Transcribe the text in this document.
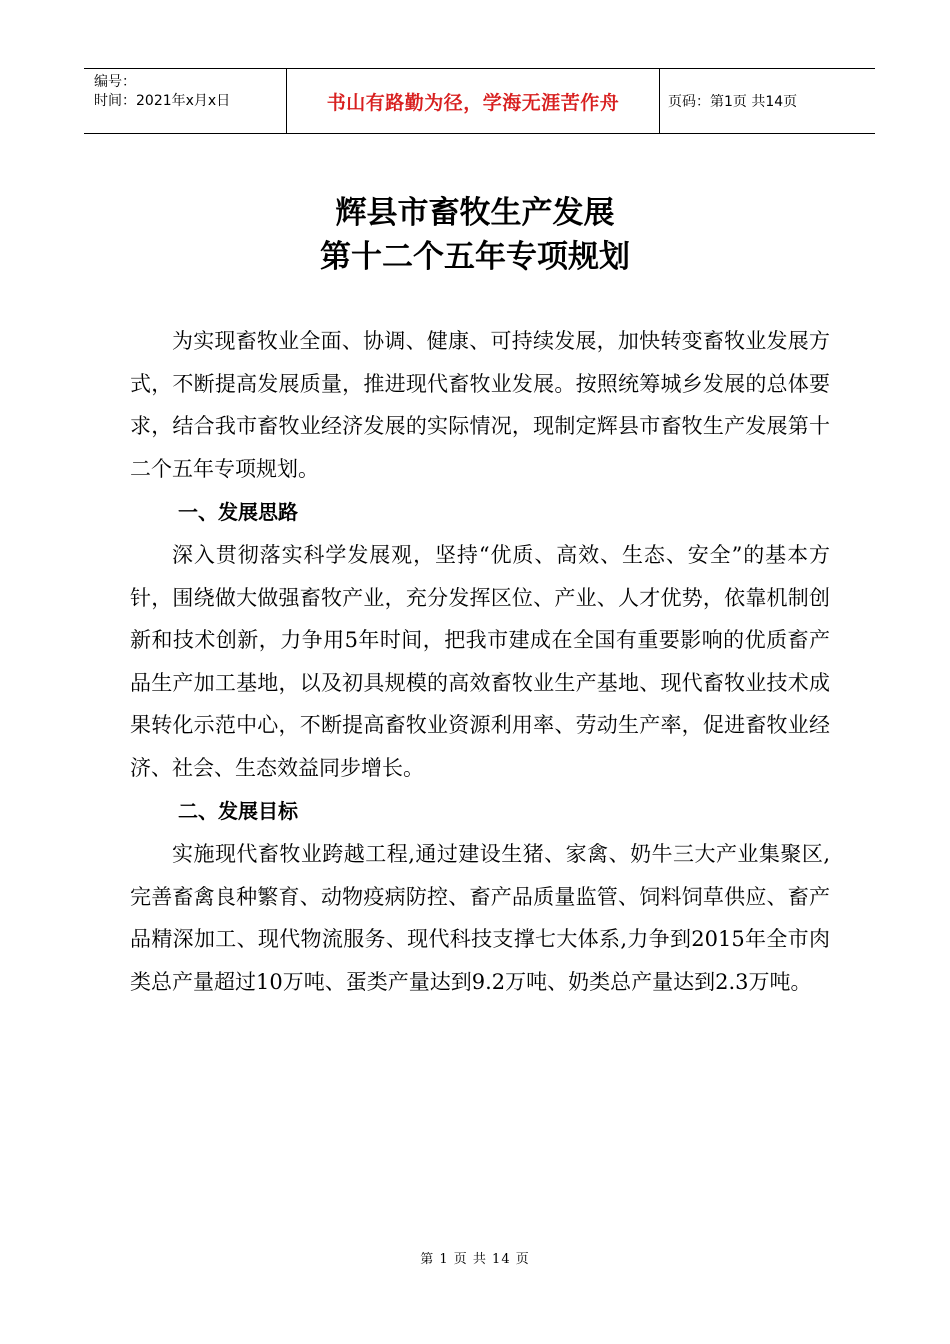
编号：
时间：2021年x月x日	书山有路勤为径，学海无涯苦作舟	页码：第1页 共14页
辉县市畜牧生产发展
第十二个五年专项规划

为实现畜牧业全面、协调、健康、可持续发展，加快转变畜牧业发展方式，不断提高发展质量，推进现代畜牧业发展。按照统筹城乡发展的总体要求，结合我市畜牧业经济发展的实际情况，现制定辉县市畜牧生产发展第十二个五年专项规划。

一、发展思路

深入贯彻落实科学发展观，坚持“优质、高效、生态、安全”的基本方针，围绕做大做强畜牧产业，充分发挥区位、产业、人才优势，依靠机制创新和技术创新，力争用5年时间，把我市建成在全国有重要影响的优质畜产品生产加工基地，以及初具规模的高效畜牧业生产基地、现代畜牧业技术成果转化示范中心，不断提高畜牧业资源利用率、劳动生产率，促进畜牧业经济、社会、生态效益同步增长。

二、发展目标

实施现代畜牧业跨越工程,通过建设生猪、家禽、奶牛三大产业集聚区,完善畜禽良种繁育、动物疫病防控、畜产品质量监管、饲料饲草供应、畜产品精深加工、现代物流服务、现代科技支撑七大体系,力争到2015年全市肉类总产量超过10万吨、蛋类产量达到9.2万吨、奶类总产量达到2.3万吨。

第 1 页 共 14 页
